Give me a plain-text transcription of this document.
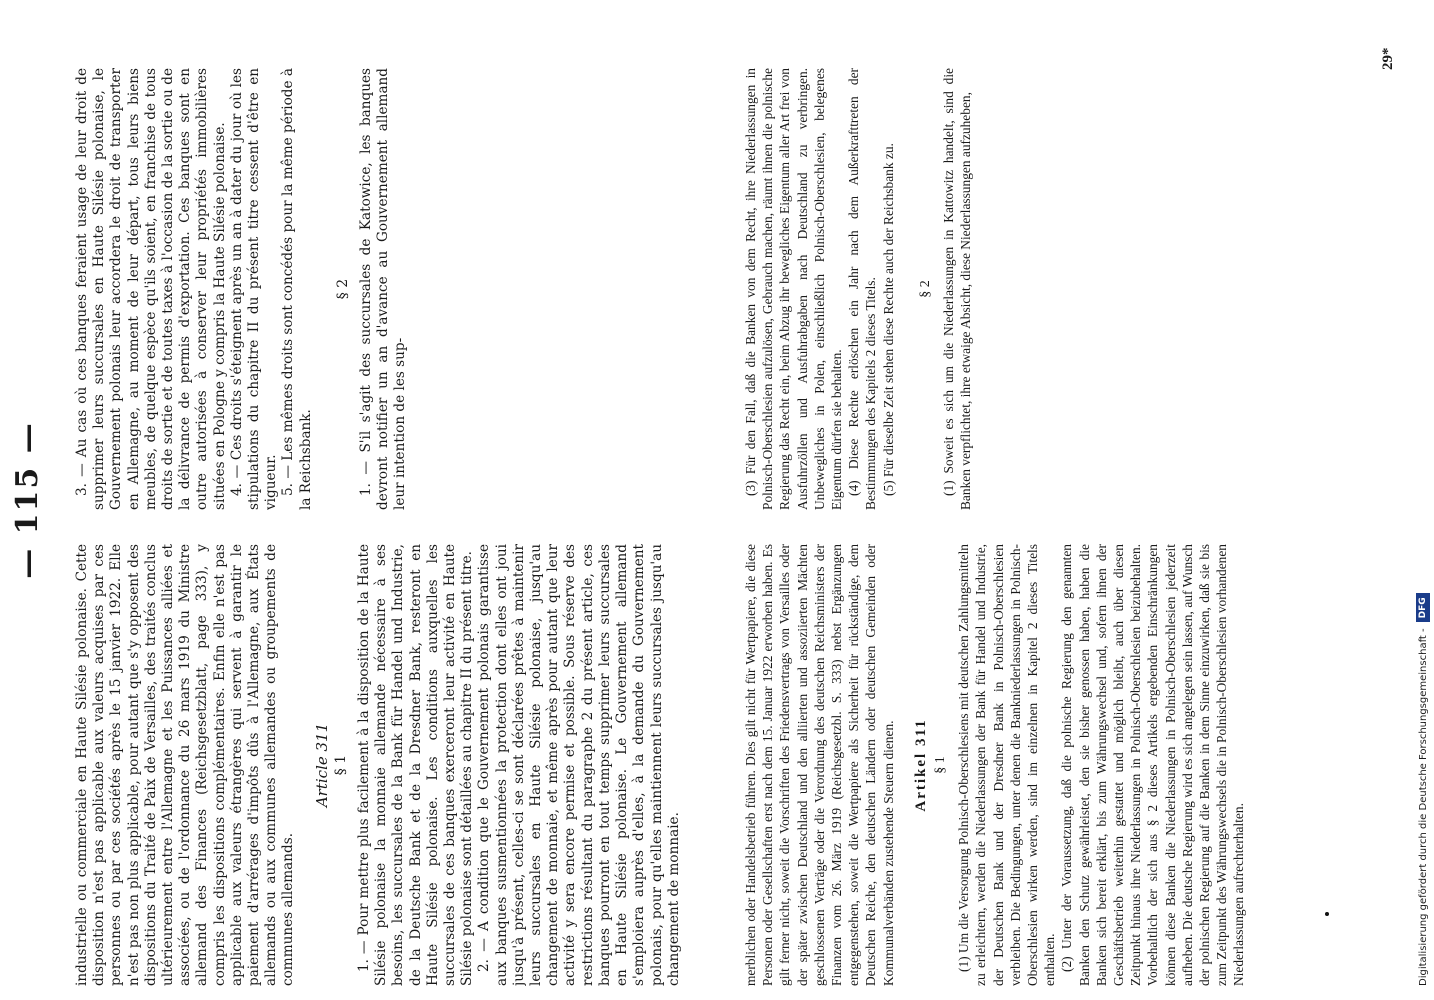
— 115 —

industrielle ou commerciale en Haute Silésie polonaise. Cette disposition n'est pas applicable aux valeurs acquises par ces personnes ou par ces sociétés après le 15 janvier 1922. Elle n'est pas non plus applicable, pour autant que s'y opposent des dispositions du Traité de Paix de Versailles, des traités conclus ultérieurement entre l'Allemagne et les Puissances alliées et associées, ou de l'ordonnance du 26 mars 1919 du Ministre allemand des Finances (Reichsgesetzblatt, page 333), y compris les dispositions complémentaires. Enfin elle n'est pas applicable aux valeurs étrangères qui servent à garantir le paiement d'arrérages d'impôts dûs à l'Allemagne, aux États allemands ou aux communes allemandes ou groupements de communes allemands.

Article 311 § 1 1. — Pour mettre plus facilement à la disposition de la Haute Silésie polonaise la monnaie allemande nécessaire à ses besoins, les succursales de la Bank für Handel und Industrie, de la Deutsche Bank et de la Dresdner Bank, resteront en Haute Silésie polonaise. Les conditions auxquelles les succursales de ces banques exerceront leur activité en Haute Silésie polonaise sont détaillées au chapitre II du présent titre. 2. — A condition que le Gouvernement polonais garantisse aux banques susmentionnées la protection dont elles ont joui jusqu'à présent, celles-ci se sont déclarées prêtes à maintenir leurs succursales en Haute Silésie polonaise, jusqu'au changement de monnaie, et même après pour autant que leur activité y sera encore permise et possible. Sous réserve des restrictions résultant du paragraphe 2 du présent article, ces banques pourront en tout temps supprimer leurs succursales en Haute Silésie polonaise. Le Gouvernement allemand s'emploiera auprès d'elles, à la demande du Gouvernement polonais, pour qu'elles maintiennent leurs succursales jusqu'au changement de monnaie.

3. — Au cas où ces banques feraient usage de leur droit de supprimer leurs succursales en Haute Silésie polonaise, le Gouvernement polonais leur accordera le droit de transporter en Allemagne, au moment de leur départ, tous leurs biens meubles, de quelque espèce qu'ils soient, en franchise de tous droits de sortie et de toutes taxes à l'occasion de la sortie ou de la délivrance de permis d'exportation. Ces banques sont en outre autorisées à conserver leur propriétés immobilières situées en Pologne y compris la Haute Silésie polonaise. 4. — Ces droits s'éteignent après un an à dater du jour où les stipulations du chapitre II du présent titre cessent d'être en vigueur. 5. — Les mêmes droits sont concédés pour la même période à la Reichsbank.

§ 2 1. — S'il s'agit des succursales de Katowice, les banques devront notifier un an d'avance au Gouvernement allemand leur intention de les sup-

merblichen oder Handelsbetrieb führen. Dies gilt nicht für Wertpapiere, die diese Personen oder Gesellschaften erst nach dem 15. Januar 1922 erworben haben. Es gilt ferner nicht, soweit die Vorschriften des Friedensvertrags von Versailles oder der später zwischen Deutschland und den alliierten und assoziierten Mächten geschlossenen Verträge oder die Verordnung des deutschen Reichsministers der Finanzen vom 26. März 1919 (Reichsgesetzbl. S. 333) nebst Ergänzungen entgegenstehen, soweit die Wertpapiere als Sicherheit für rückständige, dem Deutschen Reiche, den deutschen Ländern oder deutschen Gemeinden oder Kommunalverbänden zustehende Steuern dienen. Artikel 311 § 1 (1) Um die Versorgung Polnisch-Oberschlesiens mit deutschen Zahlungsmitteln zu erleichtern, werden die Niederlassungen der Bank für Handel und Industrie, der Deutschen Bank und der Dresdner Bank in Polnisch-Oberschlesien verbleiben. Die Bedingungen, unter denen die Bankniederlassungen in Polnisch-Oberschlesien wirken werden, sind im einzelnen in Kapitel 2 dieses Titels enthalten. (2) Unter der Voraussetzung, daß die polnische Regierung den genannten Banken den Schutz gewährleistet, den sie bisher genossen haben, haben die Banken sich bereit erklärt, bis zum Währungswechsel und, sofern ihnen der Geschäftsbetrieb weiterhin gestattet und möglich bleibt, auch über diesen Zeitpunkt hinaus ihre Niederlassungen in Polnisch-Oberschlesien beizubehalten. Vorbehaltlich der sich aus § 2 dieses Artikels ergebenden Einschränkungen können diese Banken die Niederlassungen in Polnisch-Oberschlesien jederzeit aufheben. Die deutsche Regierung wird es sich angelegen sein lassen, auf Wunsch der polnischen Regierung auf die Banken in dem Sinne einzuwirken, daß sie bis zum Zeitpunkt des Währungswechsels die in Polnisch-Oberschlesien vorhandenen Niederlassungen aufrechterhalten.

(3) Für den Fall, daß die Banken von dem Recht, ihre Niederlassungen in Polnisch-Oberschlesien aufzulösen, Gebrauch machen, räumt ihnen die polnische Regierung das Recht ein, beim Abzug ihr bewegliches Eigentum aller Art frei von Ausfuhrzöllen und Ausfuhrabgaben nach Deutschland zu verbringen. Unbewegliches in Polen, einschließlich Polnisch-Oberschlesien, belegenes Eigentum dürfen sie behalten. (4) Diese Rechte erlöschen ein Jahr nach dem Außerkrafttreten der Bestimmungen des Kapitels 2 dieses Titels. (5) Für dieselbe Zeit stehen diese Rechte auch der Reichsbank zu. § 2 (1) Soweit es sich um die Niederlassungen in Kattowitz handelt, sind die Banken verpflichtet, ihre etwaige Absicht, diese Niederlassungen aufzuheben,

29*
Digitalisierung gefördert durch die Deutsche Forschungsgemeinschaft -
DFG
